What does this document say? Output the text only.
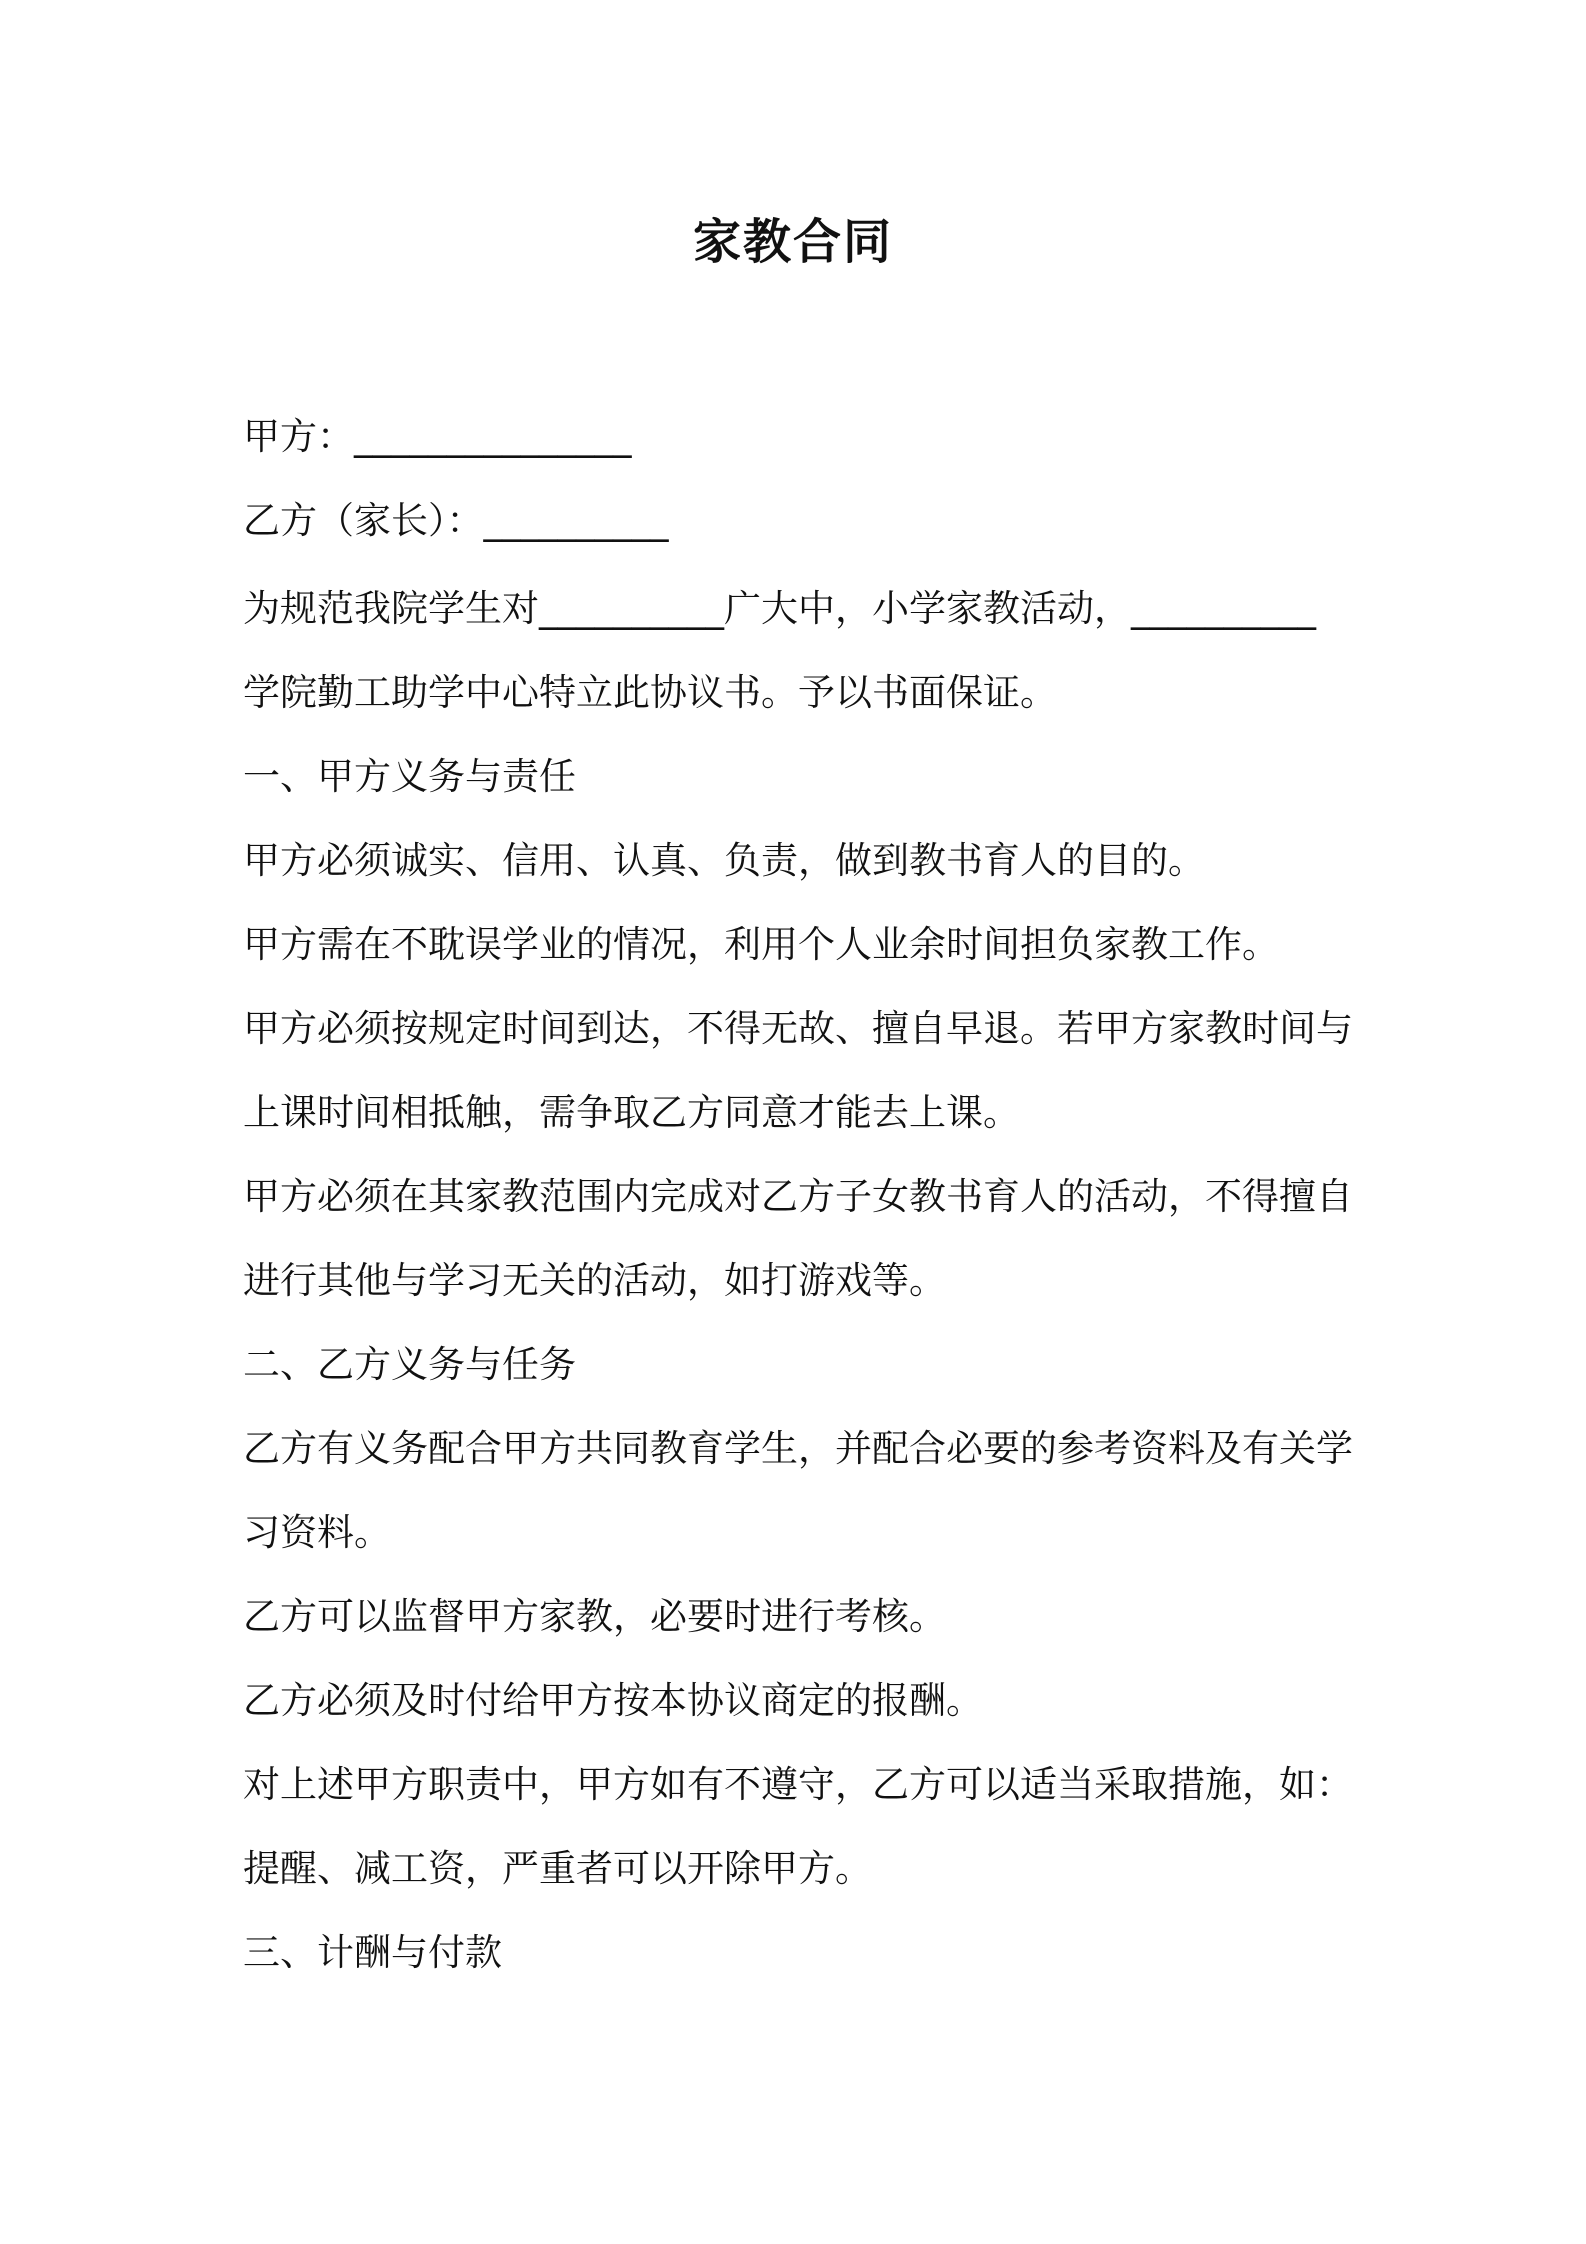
家教合同
甲方：_______________
乙方（家长）：__________
为规范我院学生对__________广大中，小学家教活动，__________
学院勤工助学中心特立此协议书。予以书面保证。
一、甲方义务与责任
甲方必须诚实、信用、认真、负责，做到教书育人的目的。
甲方需在不耽误学业的情况，利用个人业余时间担负家教工作。
甲方必须按规定时间到达，不得无故、擅自早退。若甲方家教时间与
上课时间相抵触，需争取乙方同意才能去上课。
甲方必须在其家教范围内完成对乙方子女教书育人的活动，不得擅自
进行其他与学习无关的活动，如打游戏等。
二、乙方义务与任务
乙方有义务配合甲方共同教育学生，并配合必要的参考资料及有关学
习资料。
乙方可以监督甲方家教，必要时进行考核。
乙方必须及时付给甲方按本协议商定的报酬。
对上述甲方职责中，甲方如有不遵守，乙方可以适当采取措施，如：
提醒、减工资，严重者可以开除甲方。
三、计酬与付款
